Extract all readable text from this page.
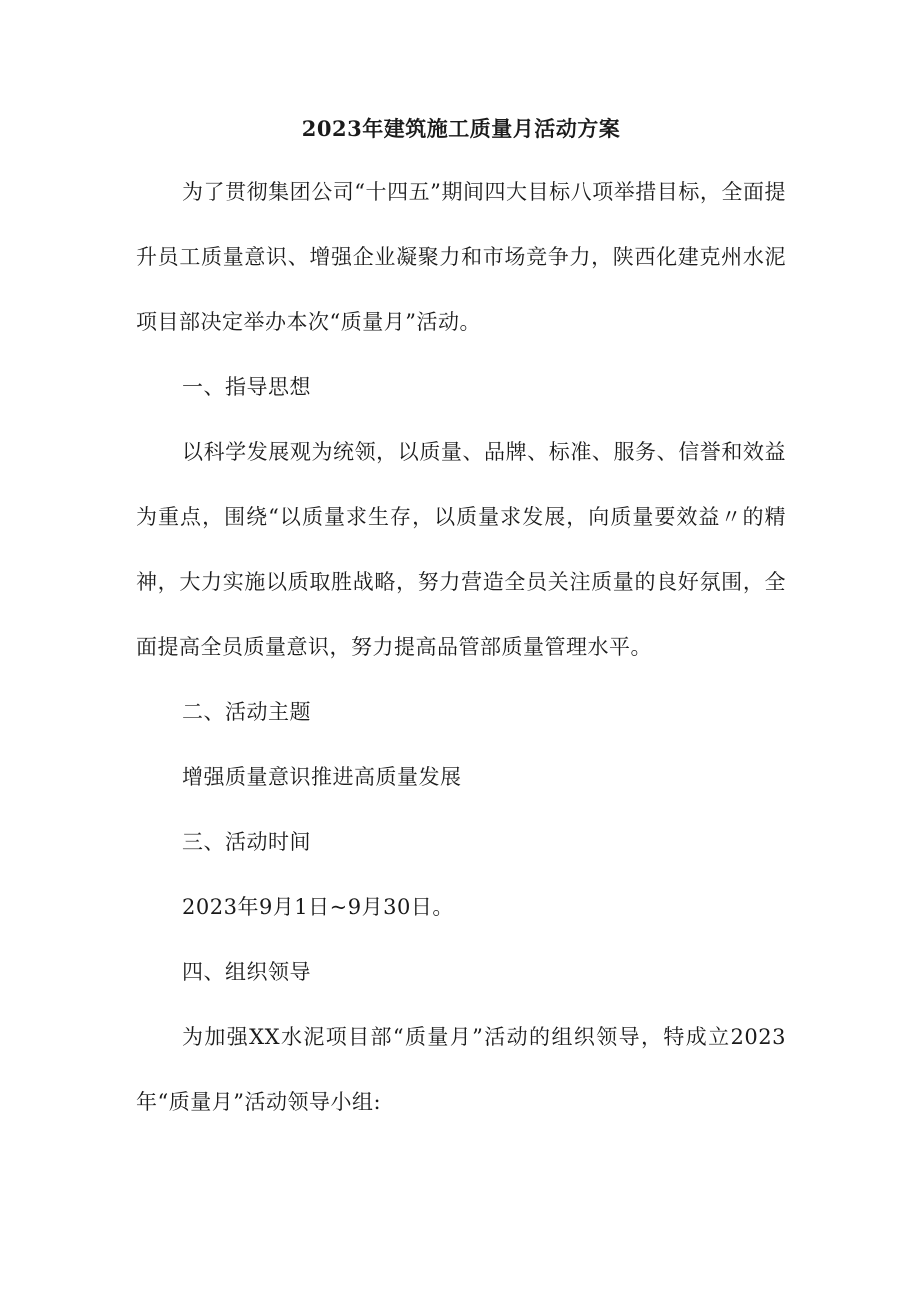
2023年建筑施工质量月活动方案

为了贯彻集团公司“十四五”期间四大目标八项举措目标，全面提升员工质量意识、增强企业凝聚力和市场竞争力，陕西化建克州水泥项目部决定举办本次“质量月”活动。

一、指导思想

以科学发展观为统领，以质量、品牌、标准、服务、信誉和效益为重点，围绕“以质量求生存，以质量求发展，向质量要效益〃的精神，大力实施以质取胜战略，努力营造全员关注质量的良好氛围，全面提高全员质量意识，努力提高品管部质量管理水平。

二、活动主题

增强质量意识推进高质量发展

三、活动时间

2023年9月1日~9月30日。

四、组织领导

为加强XX水泥项目部“质量月”活动的组织领导，特成立2023年“质量月”活动领导小组:
